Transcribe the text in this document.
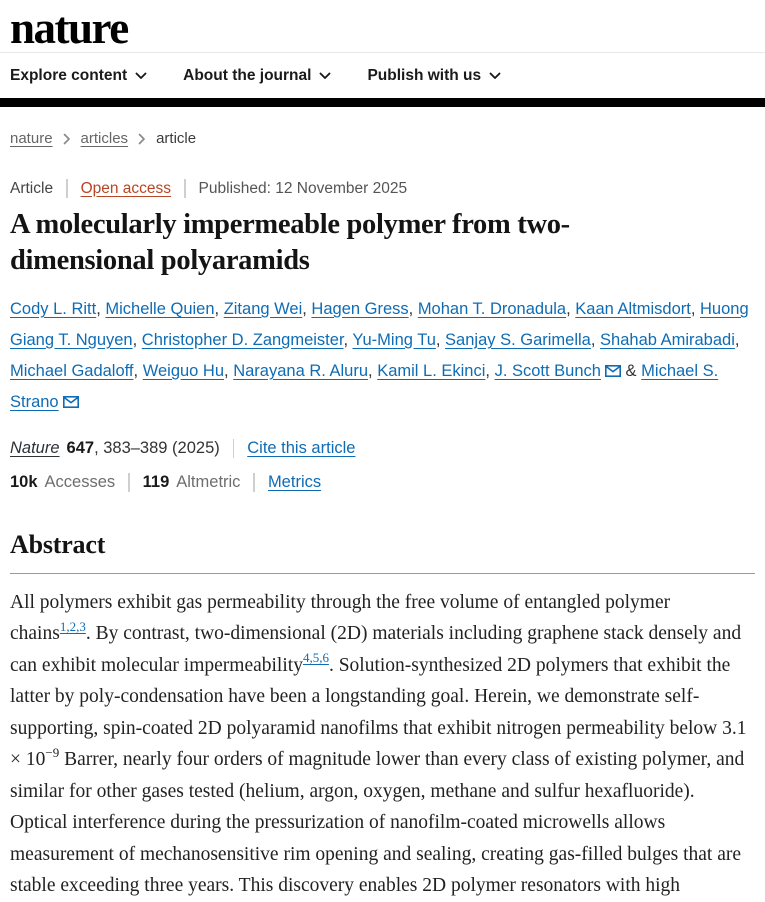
nature
Explore content	About the journal	Publish with us
nature articles article
Article Open access Published: 12 November 2025
A molecularly impermeable polymer from two-dimensional polyaramids

Cody L. Ritt, Michelle Quien, Zitang Wei, Hagen Gress, Mohan T. Dronadula, Kaan Altmisdort, Huong Giang T. Nguyen, Christopher D. Zangmeister, Yu-Ming Tu, Sanjay S. Garimella, Shahab Amirabadi, Michael Gadaloff, Weiguo Hu, Narayana R. Aluru, Kamil L. Ekinci, J. Scott Bunch & Michael S. Strano

Nature 647 , 383–389 (2025) Cite this article
10k Accesses 119 Altmetric Metrics
Abstract

All polymers exhibit gas permeability through the free volume of entangled polymer chains$^{1,2,3}$. By contrast, two-dimensional (2D) materials including graphene stack densely and can exhibit molecular impermeability$^{4,5,6}$. Solution-synthesized 2D polymers that exhibit the latter by poly-condensation have been a longstanding goal. Herein, we demonstrate self-supporting, spin-coated 2D polyaramid nanofilms that exhibit nitrogen permeability below $3.1 \times 10^{-9}$ Barrer, nearly four orders of magnitude lower than every class of existing polymer, and similar for other gases tested (helium, argon, oxygen, methane and sulfur hexafluoride). Optical interference during the pressurization of nanofilm-coated microwells allows measurement of mechanosensitive rim opening and sealing, creating gas-filled bulges that are stable exceeding three years. This discovery enables 2D polymer resonators with high
